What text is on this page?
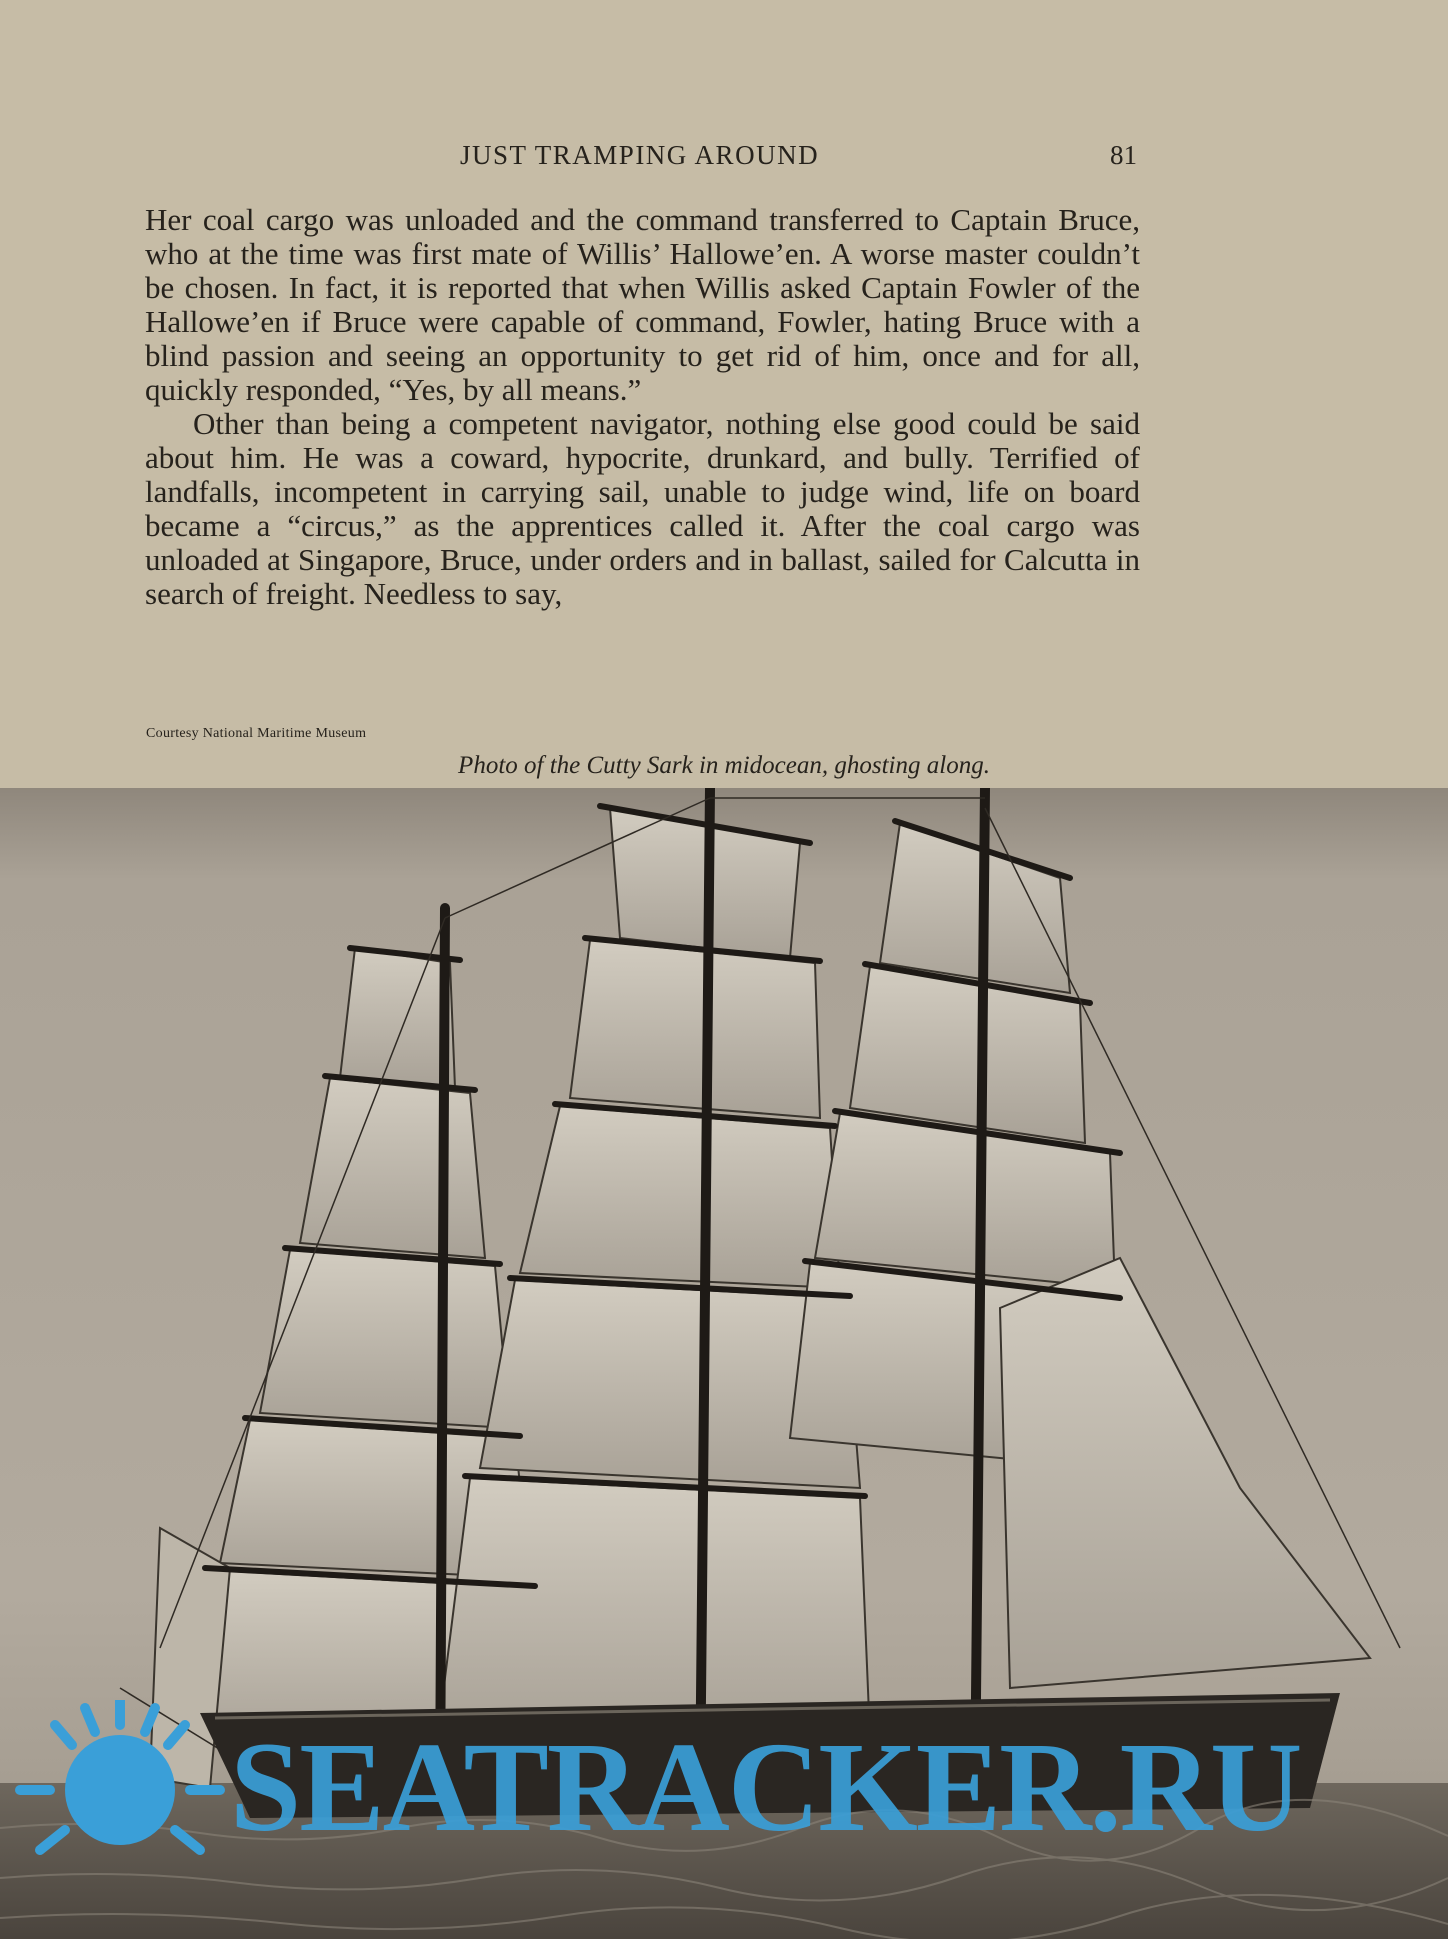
JUST TRAMPING AROUND	81

Her coal cargo was unloaded and the command transferred to Captain Bruce, who at the time was first mate of Willis’ Hallowe’en. A worse master couldn’t be chosen. In fact, it is reported that when Willis asked Captain Fowler of the Hallowe’en if Bruce were capable of command, Fowler, hating Bruce with a blind passion and seeing an opportunity to get rid of him, once and for all, quickly responded, “Yes, by all means.”

Other than being a competent navigator, nothing else good could be said about him. He was a coward, hypocrite, drunkard, and bully. Terrified of landfalls, incompetent in carrying sail, unable to judge wind, life on board became a “circus,” as the apprentices called it. After the coal cargo was unloaded at Singapore, Bruce, under orders and in ballast, sailed for Calcutta in search of freight. Needless to say,

Courtesy National Maritime Museum
Photo of the Cutty Sark in midocean, ghosting along.
SEATRACKER.RU
